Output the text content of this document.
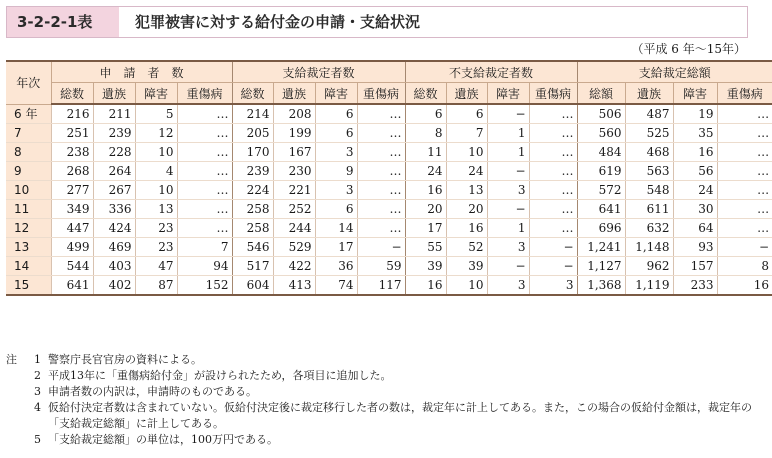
3-2-2-1表	犯罪被害に対する給付金の申請・支給状況
（平成 6 年～15年）
年次	申　請　者　数				支給裁定者数				不支給裁定者数				支給裁定総額			
	総数	遺族	障害	重傷病	総数	遺族	障害	重傷病	総数	遺族	障害	重傷病	総額	遺族	障害	重傷病
6 年	216	211	5	…	214	208	6	…	6	6	−	…	506	487	19	…
7	251	239	12	…	205	199	6	…	8	7	1	…	560	525	35	…
8	238	228	10	…	170	167	3	…	11	10	1	…	484	468	16	…
9	268	264	4	…	239	230	9	…	24	24	−	…	619	563	56	…
10	277	267	10	…	224	221	3	…	16	13	3	…	572	548	24	…
11	349	336	13	…	258	252	6	…	20	20	−	…	641	611	30	…
12	447	424	23	…	258	244	14	…	17	16	1	…	696	632	64	…
13	499	469	23	7	546	529	17	−	55	52	3	−	1,241	1,148	93	−
14	544	403	47	94	517	422	36	59	39	39	−	−	1,127	962	157	8
15	641	402	87	152	604	413	74	117	16	10	3	3	1,368	1,119	233	16
注 1 警察庁長官官房の資料による。
2 平成13年に「重傷病給付金」が設けられたため，各項目に追加した。
3 申請者数の内訳は，申請時のものである。
4 仮給付決定者数は含まれていない。仮給付決定後に裁定移行した者の数は，裁定年に計上してある。また，この場合の仮給付金額は，裁定年の「支給裁定総額」に計上してある。
5 「支給裁定総額」の単位は，100万円である。
